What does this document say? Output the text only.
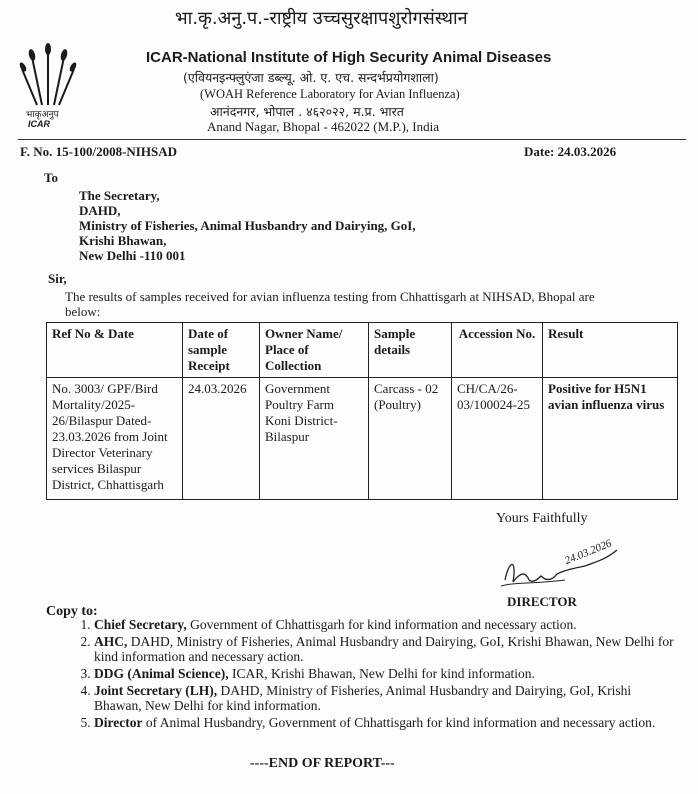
भाकृअनुप
ICAR
भा.कृ.अनु.प.-राष्ट्रीय उच्चसुरक्षापशुरोगसंस्थान
ICAR-National Institute of High Security Animal Diseases
(एवियनइन्फ्लुएंजा डब्ल्यू. ओ. ए. एच. सन्दर्भप्रयोगशाला)
(WOAH Reference Laboratory for Avian Influenza)
आनंदनगर, भोपाल . ४६२०२२, म.प्र. भारत
Anand Nagar, Bhopal - 462022 (M.P.), India
F. No. 15-100/2008-NIHSAD	Date: 24.03.2026
To
The Secretary,
DAHD,
Ministry of Fisheries, Animal Husbandry and Dairying, GoI,
Krishi Bhawan,
New Delhi -110 001
Sir,
The results of samples received for avian influenza testing from Chhattisgarh at NIHSAD, Bhopal are below:
Ref No & Date	Date of sample Receipt	Owner Name/ Place of Collection	Sample details	Accession No.	Result
No. 3003/ GPF/Bird Mortality/2025-26/Bilaspur Dated-23.03.2026 from Joint Director Veterinary services Bilaspur District, Chhattisgarh	24.03.2026	Government Poultry Farm Koni District- Bilaspur	Carcass - 02 (Poultry)	CH/CA/26-03/100024-25	Positive for H5N1 avian influenza virus
Yours Faithfully
24.03.2026
DIRECTOR
Copy to:
1. Chief Secretary, Government of Chhattisgarh for kind information and necessary action.
2. AHC, DAHD, Ministry of Fisheries, Animal Husbandry and Dairying, GoI, Krishi Bhawan, New Delhi for kind information and necessary action.
3. DDG (Animal Science), ICAR, Krishi Bhawan, New Delhi for kind information.
4. Joint Secretary (LH), DAHD, Ministry of Fisheries, Animal Husbandry and Dairying, GoI, Krishi Bhawan, New Delhi for kind information.
5. Director of Animal Husbandry, Government of Chhattisgarh for kind information and necessary action.
----END OF REPORT---
